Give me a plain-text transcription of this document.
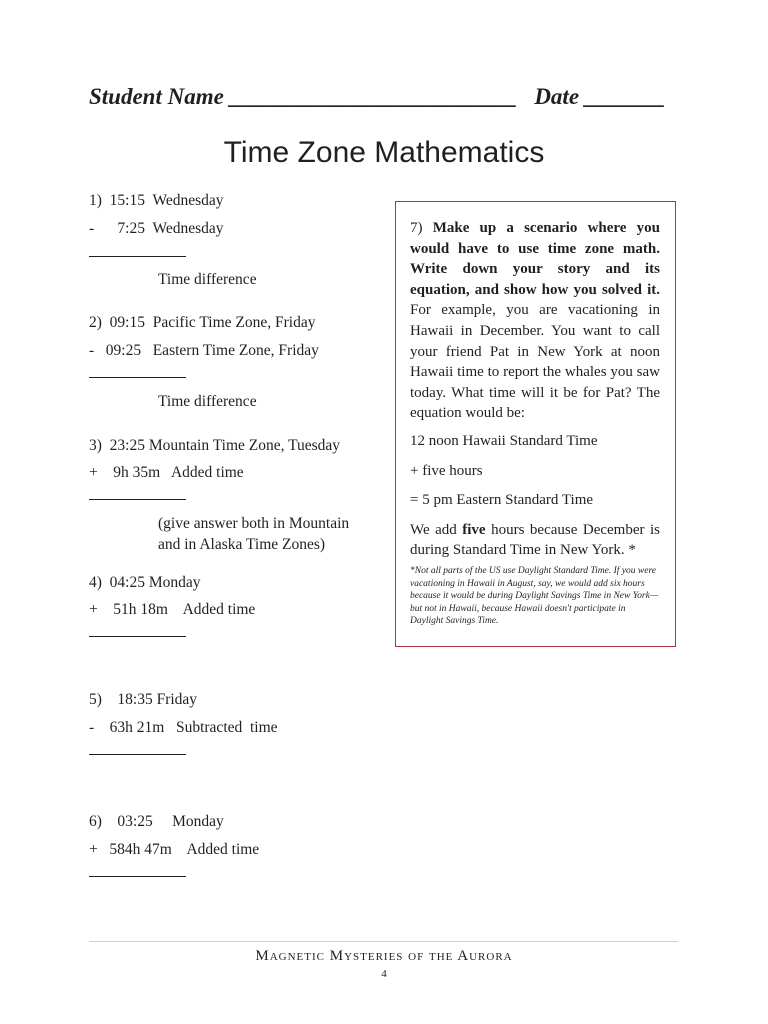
Student Name _________________________   Date _______
Time Zone Mathematics
1)  15:15  Wednesday
-      7:25  Wednesday
Time difference
2)  09:15  Pacific Time Zone, Friday
-   09:25   Eastern Time Zone, Friday
Time difference
3)  23:25 Mountain Time Zone, Tuesday
+    9h 35m   Added time
(give answer both in Mountain
and in Alaska Time Zones)
4)  04:25 Monday
+    51h 18m    Added time
5)    18:35 Friday
-    63h 21m   Subtracted  time
6)    03:25     Monday
+   584h 47m    Added time

7) Make up a scenario where you would have to use time zone math. Write down your story and its equation, and show how you solved it. For example, you are vacationing in Hawaii in December. You want to call your friend Pat in New York at noon Hawaii time to report the whales you saw today. What time will it be for Pat? The equation would be:

12 noon Hawaii Standard Time

+ five hours

= 5 pm Eastern Standard Time

We add five hours because December is during Standard Time in New York. *

*Not all parts of the US use Daylight Standard Time. If you were vacationing in Hawaii in August, say, we would add six hours because it would be during Daylight Savings Time in New York—but not in Hawaii, because Hawaii doesn't participate in Daylight Savings Time.

Magnetic Mysteries of the Aurora
4
